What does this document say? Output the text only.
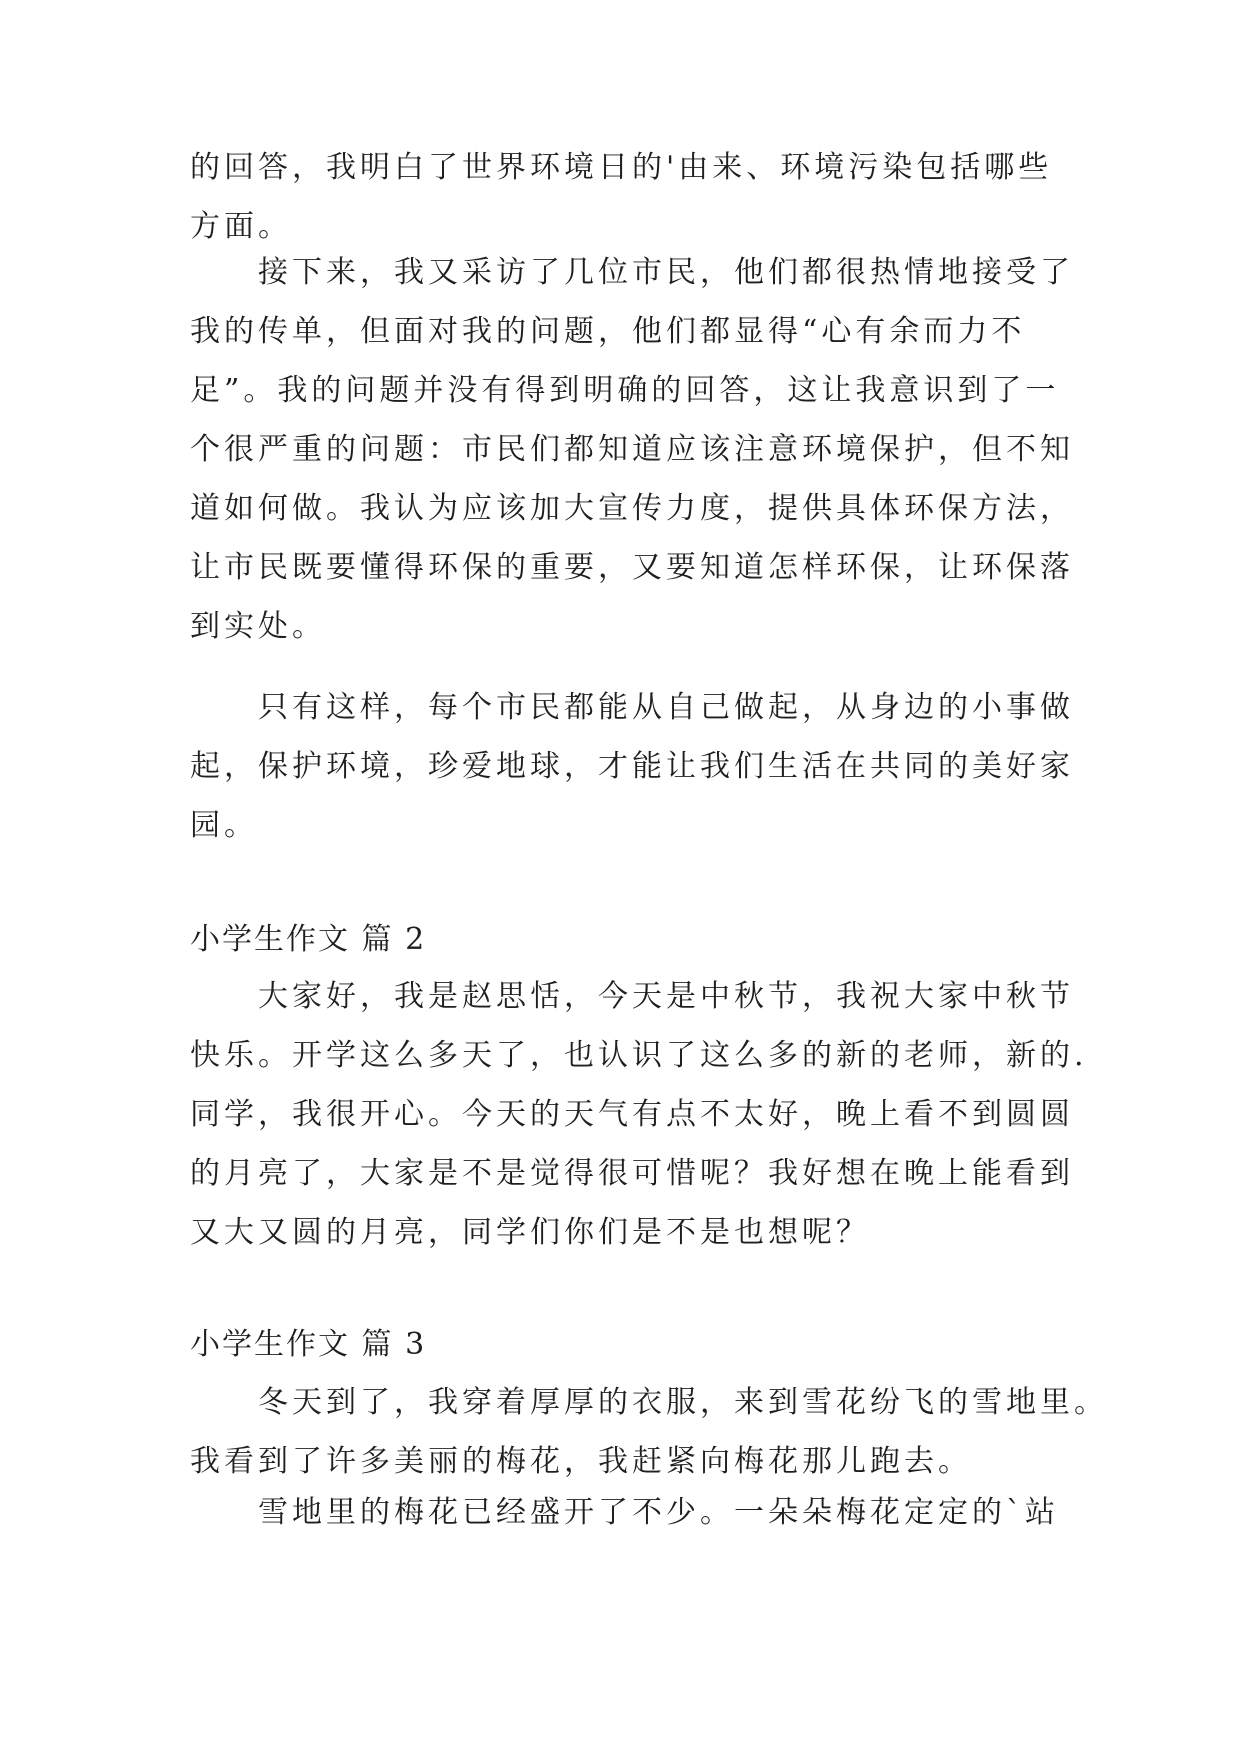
的回答，我明白了世界环境日的'由来、环境污染包括哪些
方面。
接下来，我又采访了几位市民，他们都很热情地接受了
我的传单，但面对我的问题，他们都显得“心有余而力不
足”。我的问题并没有得到明确的回答，这让我意识到了一
个很严重的问题：市民们都知道应该注意环境保护，但不知
道如何做。我认为应该加大宣传力度，提供具体环保方法，
让市民既要懂得环保的重要，又要知道怎样环保，让环保落
到实处。
只有这样，每个市民都能从自己做起，从身边的小事做
起，保护环境，珍爱地球，才能让我们生活在共同的美好家
园。
小学生作文 篇 2
大家好，我是赵思恬，今天是中秋节，我祝大家中秋节
快乐。开学这么多天了，也认识了这么多的新的老师，新的.
同学，我很开心。今天的天气有点不太好，晚上看不到圆圆
的月亮了，大家是不是觉得很可惜呢？我好想在晚上能看到
又大又圆的月亮，同学们你们是不是也想呢？
小学生作文 篇 3
冬天到了，我穿着厚厚的衣服，来到雪花纷飞的雪地里。
我看到了许多美丽的梅花，我赶紧向梅花那儿跑去。
雪地里的梅花已经盛开了不少。一朵朵梅花定定的`站
